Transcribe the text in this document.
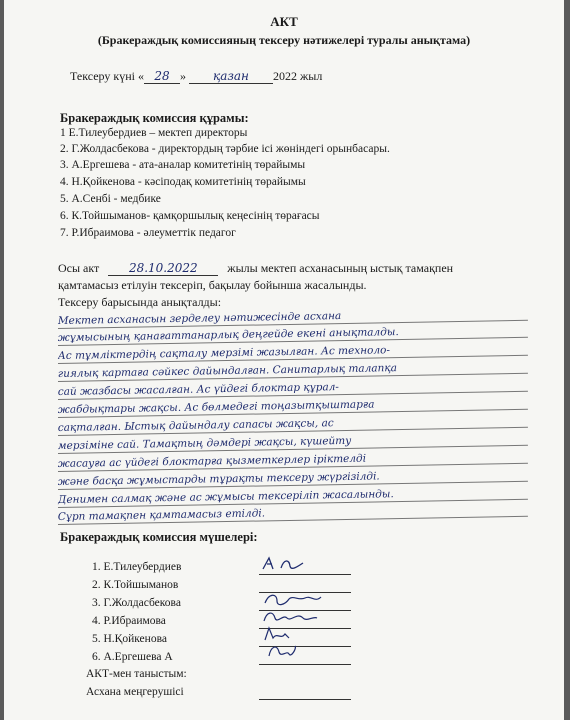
АКТ
(Бракераждық комиссияның тексеру нәтижелері туралы анықтама)
Тексеру күні « 28 » қазан 2022 жыл
Бракераждық комиссия құрамы:
1 Е.Тилеубердиев – мектеп директоры
2. Г.Жолдасбекова - директордың тәрбие ісі жөніндегі орынбасары.
3. А.Ергешева - ата-аналар комитетінің төрайымы
4. Н.Қойкенова - кәсіподақ комитетінің төрайымы
5. А.Сенбі - медбике
6. К.Тойшыманов- қамқоршылық кеңесінің төрағасы
7. Р.Ибраимова - әлеуметтік педагог
Осы акт 28.10.2022 жылы мектеп асханасының ыстық тамақпен
қамтамасыз етілуін тексеріп, бақылау бойынша жасалынды.
Тексеру барысында анықталды:
Мектеп асханасын зерделеу нәтижесінде асхана
жұмысының қанағаттанарлық деңгейде екені анықталды.
Ас тұмліктердің сақталу мерзімі жазылған. Ас техноло-
гиялық картаға сәйкес дайындалған. Санитарлық талапқа
сай жазбасы жасалған. Ас үйдегі блоктар құрал-
жабдықтары жақсы. Ас бөлмедегі тоңазытқыштарға
сақталған. Ыстық дайындалу сапасы жақсы, ас
мерзіміне сай. Тамақтың дәмдері жақсы, күшейту
жасауға ас үйдегі блоктарға қызметкерлер іріктелді
және басқа жұмыстарды тұрақты тексеру жүргізілді.
Денимен салмақ және ас жұмысы тексеріліп жасалынды.
Сұрп тамақпен қамтамасыз етілді.
Бракераждық комиссия мүшелері:
1. Е.Тилеубердиев
2. К.Тойшыманов
3. Г.Жолдасбекова
4. Р.Ибраимова
5. Н.Қойкенова
6. А.Ергешева А
АКТ-мен таныстым:
Асхана меңгерушісі
